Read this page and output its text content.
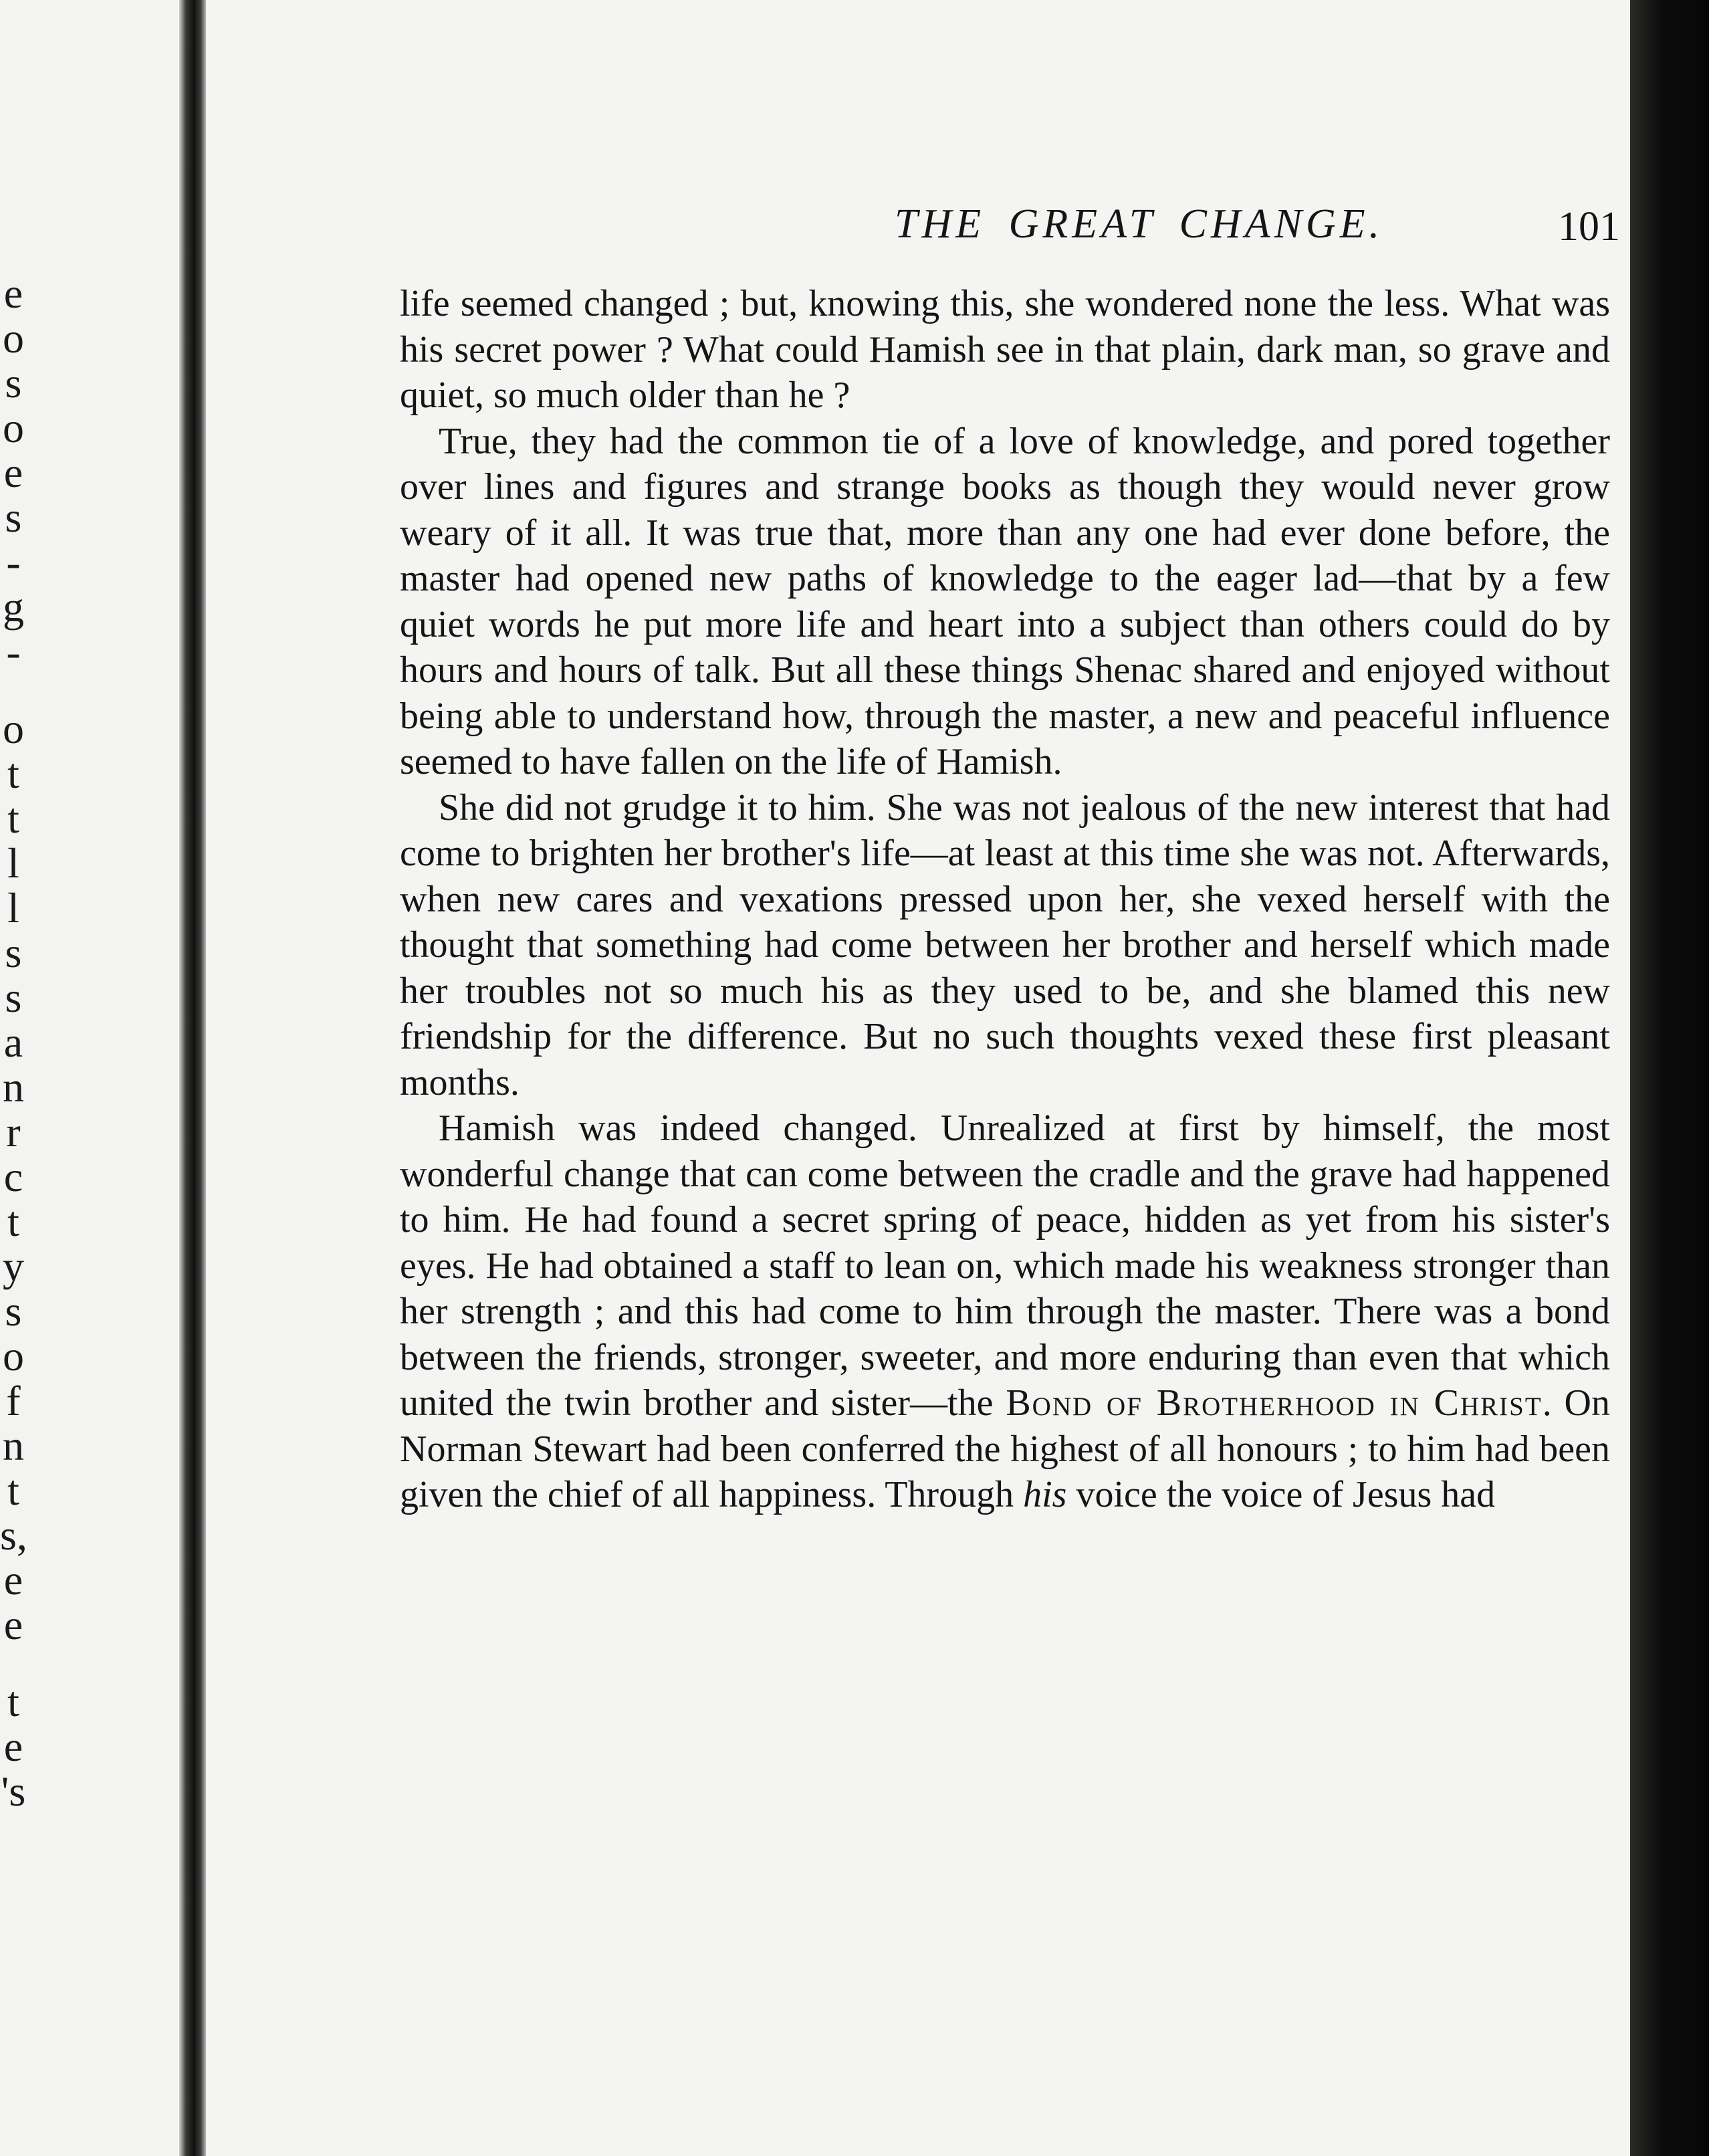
e
o
s
o
e
s
-
g
-
o
t
t
l
l
s
s
a
n
r
c
t
y
s
o
f
n
t
s,
e
e
t
e
's
THE GREAT CHANGE.	101

life seemed changed ; but, knowing this, she wondered none the less. What was his secret power ? What could Hamish see in that plain, dark man, so grave and quiet, so much older than he ?

True, they had the common tie of a love of knowledge, and pored together over lines and figures and strange books as though they would never grow weary of it all. It was true that, more than any one had ever done before, the master had opened new paths of knowledge to the eager lad—that by a few quiet words he put more life and heart into a subject than others could do by hours and hours of talk. But all these things Shenac shared and enjoyed without being able to understand how, through the master, a new and peaceful influence seemed to have fallen on the life of Hamish.

She did not grudge it to him. She was not jealous of the new interest that had come to brighten her brother's life—at least at this time she was not. Afterwards, when new cares and vexations pressed upon her, she vexed herself with the thought that something had come between her brother and herself which made her troubles not so much his as they used to be, and she blamed this new friendship for the difference. But no such thoughts vexed these first pleasant months.

Hamish was indeed changed. Unrealized at first by himself, the most wonderful change that can come between the cradle and the grave had happened to him. He had found a secret spring of peace, hidden as yet from his sister's eyes. He had obtained a staff to lean on, which made his weakness stronger than her strength ; and this had come to him through the master. There was a bond between the friends, stronger, sweeter, and more enduring than even that which united the twin brother and sister—the Bond of Brotherhood in Christ. On Norman Stewart had been conferred the highest of all honours ; to him had been given the chief of all happiness. Through his voice the voice of Jesus had
